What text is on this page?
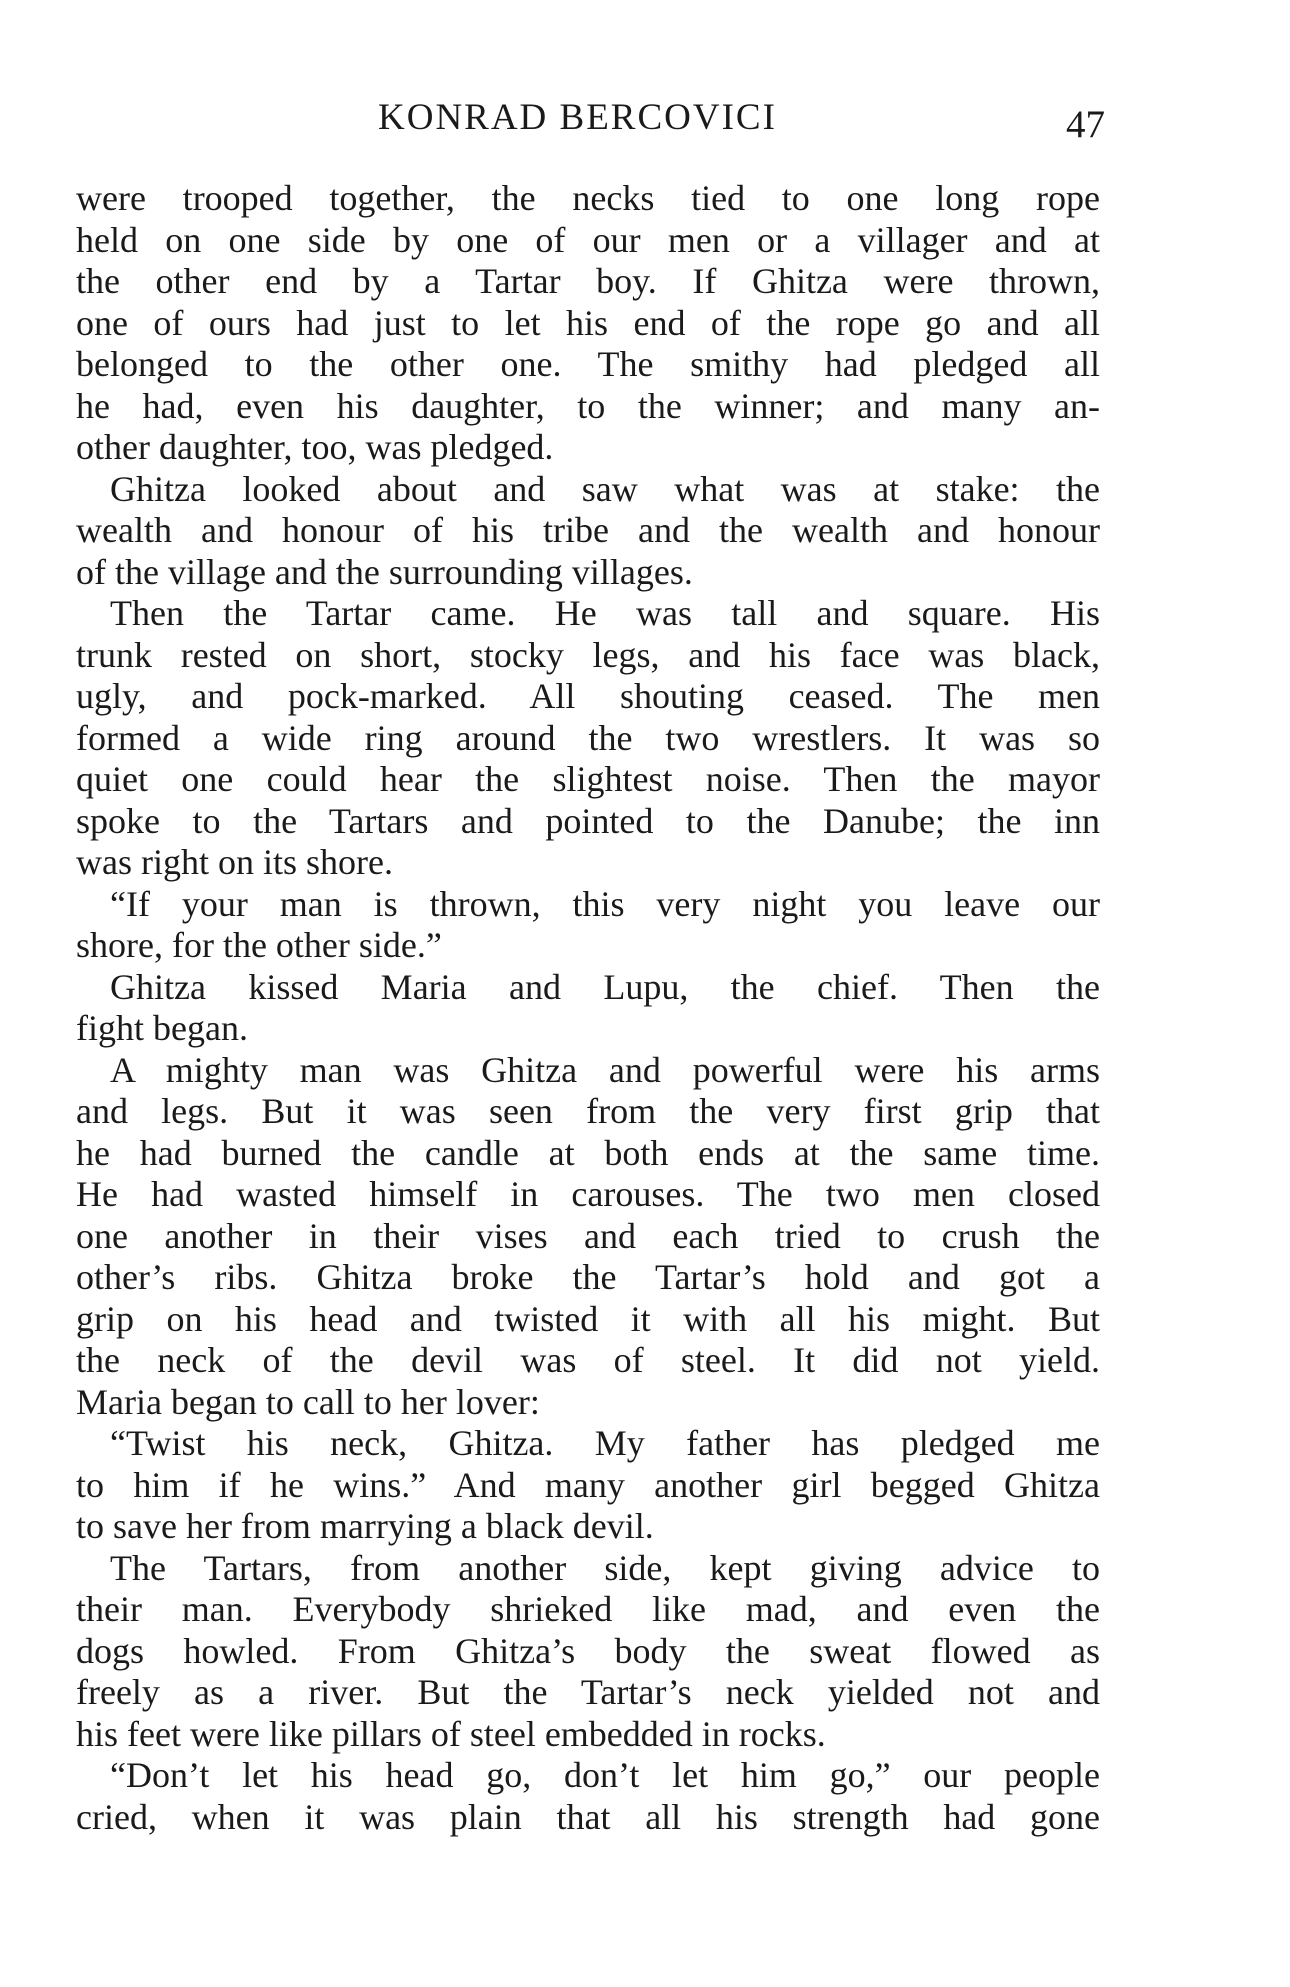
KONRAD BERCOVICI	47
were trooped together, the necks tied to one long rope
held on one side by one of our men or a villager and at
the other end by a Tartar boy. If Ghitza were thrown,
one of ours had just to let his end of the rope go and all
belonged to the other one. The smithy had pledged all
he had, even his daughter, to the winner; and many an-
other daughter, too, was pledged.
Ghitza looked about and saw what was at stake: the
wealth and honour of his tribe and the wealth and honour
of the village and the surrounding villages.
Then the Tartar came. He was tall and square. His
trunk rested on short, stocky legs, and his face was black,
ugly, and pock-marked. All shouting ceased. The men
formed a wide ring around the two wrestlers. It was so
quiet one could hear the slightest noise. Then the mayor
spoke to the Tartars and pointed to the Danube; the inn
was right on its shore.
“If your man is thrown, this very night you leave our
shore, for the other side.”
Ghitza kissed Maria and Lupu, the chief. Then the
fight began.
A mighty man was Ghitza and powerful were his arms
and legs. But it was seen from the very first grip that
he had burned the candle at both ends at the same time.
He had wasted himself in carouses. The two men closed
one another in their vises and each tried to crush the
other’s ribs. Ghitza broke the Tartar’s hold and got a
grip on his head and twisted it with all his might. But
the neck of the devil was of steel. It did not yield.
Maria began to call to her lover:
“Twist his neck, Ghitza. My father has pledged me
to him if he wins.” And many another girl begged Ghitza
to save her from marrying a black devil.
The Tartars, from another side, kept giving advice to
their man. Everybody shrieked like mad, and even the
dogs howled. From Ghitza’s body the sweat flowed as
freely as a river. But the Tartar’s neck yielded not and
his feet were like pillars of steel embedded in rocks.
“Don’t let his head go, don’t let him go,” our people
cried, when it was plain that all his strength had gone
